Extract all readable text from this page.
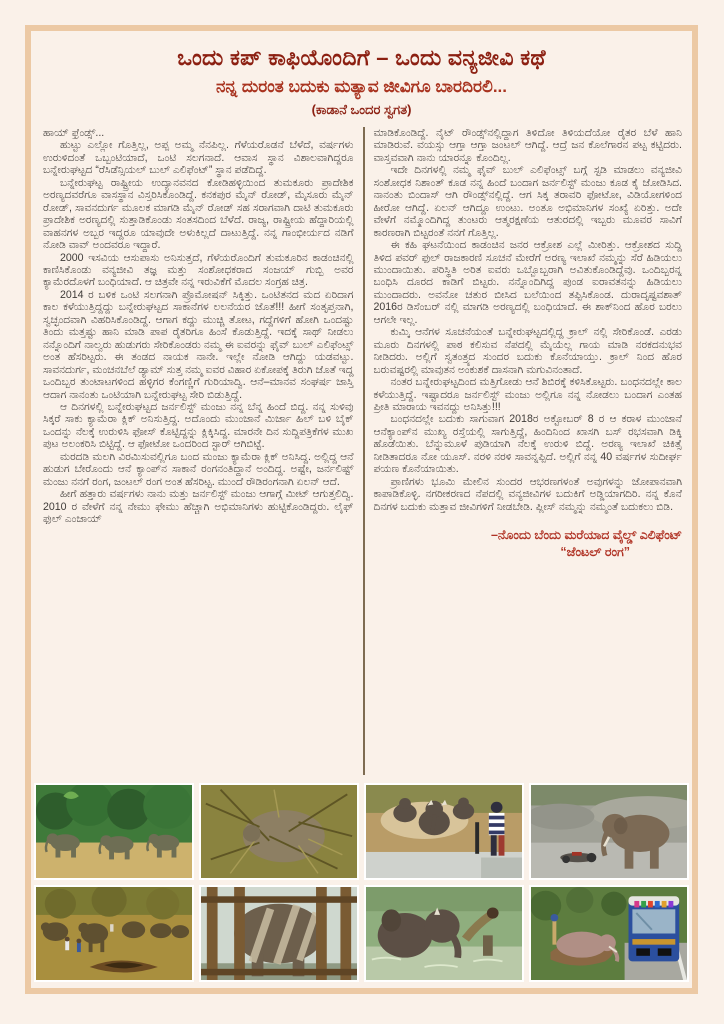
ಒಂದು ಕಪ್ ಕಾಫಿಯೊಂದಿಗೆ – ಒಂದು ವನ್ಯಜೀವಿ ಕಥೆ
ನನ್ನ ದುರಂತ ಬದುಕು ಮತ್ಯಾವ ಜೀವಿಗೂ ಬಾರದಿರಲಿ...
(ಕಾಡಾನೆ ಒಂದರ ಸ್ವಗತ)

ಹಾಯ್ ಫ್ರೆಂಡ್ಸ್...

ಹುಟ್ಟು ಎಲ್ಲೋ ಗೊತ್ತಿಲ್ಲ, ಅಪ್ಪ ಅಮ್ಮ ನೆನಪಿಲ್ಲ. ಗೆಳೆಯರೊಡನೆ ಬೆಳೆದೆ, ವರ್ಷಗಳು ಉರುಳಿದಂತೆ ಒಬ್ಬಂಟಿಯಾದೆ, ಒಂಟಿ ಸಲಗನಾದೆ. ಆವಾಸ ಸ್ಥಾನ ವಿಶಾಲವಾಗಿದ್ದರೂ ಬನ್ನೇರುಘಟ್ಟದ “ರೆಸಿಡೆನ್ಸಿಯಲ್ ಬುಲ್ ಎಲಿಫೆಂಟ್” ಸ್ಥಾನ ಪಡೆದಿದ್ದೆ.

ಬನ್ನೇರುಘಟ್ಟ ರಾಷ್ಟ್ರೀಯ ಉದ್ಯಾನವನದ ಕೋಡಿಹಳ್ಳಿಯಿಂದ ತುಮಕೂರು ಪ್ರಾದೇಶಿಕ ಅರಣ್ಯದವರೆಗೂ ವಾಸಸ್ಥಾನ ವಿಸ್ತರಿಸಿಕೊಂಡಿದ್ದೆ. ಕನಕಪುರ ಮೈನ್ ರೋಡ್, ಮೈಸೂರು ಮೈನ್ ರೋಡ್, ಸಾವನದುರ್ಗ ಮೂಲಕ ಮಾಗಡಿ ಮೈನ್ ರೋಡ್ ಸಹ ಸರಾಗವಾಗಿ ದಾಟಿ ತುಮಕೂರು ಪ್ರಾದೇಶಿಕ ಅರಣ್ಯದಲ್ಲಿ ಸುತ್ತಾಡಿಕೊಂಡು ಸಂತಸದಿಂದ ಬೆಳೆದೆ. ರಾಜ್ಯ, ರಾಷ್ಟ್ರೀಯ ಹೆದ್ದಾರಿಯಲ್ಲಿ ವಾಹನಗಳ ಅಬ್ಬರ ಇದ್ದರೂ ಯಾವುದೇ ಅಳುಕಿಲ್ಲದೆ ದಾಟುತ್ತಿದ್ದೆ. ನನ್ನ ಗಾಂಭೀರ್ಯದ ನಡಿಗೆ ನೋಡಿ ವಾವ್ ಅಂದವರೂ ಇದ್ದಾರೆ.

2000 ಇಸವಿಯ ಆಸುಪಾಸು ಅನಿಸುತ್ತದೆ, ಗೆಳೆಯರೊಂದಿಗೆ ತುಮಕೂರಿನ ಕಾಡಂಚಿನಲ್ಲಿ ಕಾಣಿಸಿಕೊಂಡು ವನ್ಯಜೀವಿ ತಜ್ಞ ಮತ್ತು ಸಂಶೋಧಕರಾದ ಸಂಜಯ್ ಗುಬ್ಬಿ ಅವರ ಕ್ಯಾಮೆರದೊಳಗೆ ಬಂಧಿಯಾದೆ. ಆ ಚಿತ್ರವೇ ನನ್ನ ಇರುವಿಕೆಗೆ ಮೊದಲ ಸಂಗ್ರಹ ಚಿತ್ರ.

2014 ರ ಬಳಿಕ ಒಂಟಿ ಸಲಗನಾಗಿ ಪ್ರೊಮೋಷನ್ ಸಿಕ್ಕಿತ್ತು. ಒಂಟಿತನದ ಮದ ಏರಿದಾಗ ಕಾಲ ಕಳೆಯುತ್ತಿದ್ದದ್ದು ಬನ್ನೇರುಘಟ್ಟದ ಸಾಕಾನೆಗಳ ಲಲನೆಯರ ಜೊತೆ!!! ಹೀಗೆ ಸಂತೃಪ್ತನಾಗಿ, ಸ್ವಚ್ಛಂದವಾಗಿ ವಿಹರಿಸಿಕೊಂಡಿದ್ದೆ. ಆಗಾಗ ಕದ್ದು ಮುಚ್ಚಿ ತೋಟ, ಗದ್ದೆಗಳಿಗೆ ಹೋಗಿ ಒಂದಷ್ಟು ತಿಂದು ಮತ್ತಷ್ಟು ಹಾನಿ ಮಾಡಿ ಪಾಪ ರೈತರಿಗೂ ಹಿಂಸೆ ಕೊಡುತ್ತಿದ್ದೆ. ಇದಕ್ಕೆ ಸಾಥ್ ನೀಡಲು ನನ್ನೊಂದಿಗೆ ನಾಲ್ವರು ಹುಡುಗರು ಸೇರಿಕೊಂಡರು ನಮ್ಮ ಈ ಐವರನ್ನು ಫೈವ್ ಬುಲ್ ಎಲಿಫೆಂಟ್ಸ್ ಅಂತ ಹೆಸರಿಟ್ಟರು. ಈ ತಂಡದ ನಾಯಕ ನಾನೇ. ಇಲ್ಲೇ ನೋಡಿ ಆಗಿದ್ದು ಯಡವಟ್ಟು. ಸಾವನದುರ್ಗ, ಮಂಚನಬೆಲೆ ಡ್ಯಾಮ್ ಸುತ್ತ ನಮ್ಮ ಐವರ ವಿಹಾರ ಏಕೋಪಕ್ಕೆ ತಿರುಗಿ ಜೊತೆ ಇದ್ದ ಒಂದಿಬ್ಬರ ತುಂಟಾಟಗಳಿಂದ ಹಳ್ಳಿಗರ ಕೆಂಗಣ್ಣಿಗೆ ಗುರಿಯಾದ್ವಿ. ಆನೆ–ಮಾನವ ಸಂಘರ್ಷ ಜಾಸ್ತಿ ಆದಾಗ ನಾನಂತು ಒಂಟಿಯಾಗಿ ಬನ್ನೇರುಘಟ್ಟ ಸೇರಿ ಬಿಡುತ್ತಿದ್ದೆ.

ಆ ದಿನಗಳಲ್ಲಿ ಬನ್ನೇರುಘಟ್ಟದ ಜರ್ನಲಿಸ್ಟ್ ಮಂಜು ನನ್ನ ಬೆನ್ನ ಹಿಂದೆ ಬಿದ್ದ. ನನ್ನ ಸುಳಿವು ಸಿಕ್ಕರೆ ಸಾಕು ಕ್ಯಾಮೆರಾ ಕ್ಲಿಕ್ ಅನಿಸುತ್ತಿದ್ದ. ಅದೊಂದು ಮುಂಜಾನೆ ಮಿರ್ಜಾ ಹಿಲ್ ಬಳಿ ಬೈಕ್ ಒಂದನ್ನು ನೆಲಕ್ಕೆ ಉರುಳಿಸಿ ಫೋಸ್ ಕೊಟ್ಟಿದ್ದನ್ನು ಕ್ಲಿಕ್ಕಿಸಿದ್ದ. ಮಾರನೇ ದಿನ ಸುದ್ದಿಪತ್ರಿಕೆಗಳ ಮುಖ ಪುಟ ಅಲಂಕರಿಸಿ ಬಿಟ್ಟಿದ್ದೆ. ಆ ಫೋಟೋ ಒಂದರಿಂದ ಸ್ಟಾರ್ ಆಗಿಬಿಟ್ಟೆ.

ಮರದಡಿ ಮಲಗಿ ವಿರಮಿಸುವಲ್ಲಿಗೂ ಬಂದ ಮಂಜು ಕ್ಯಾಮೆರಾ ಕ್ಲಿಕ್ ಅನಿಸಿದ್ದ. ಅಲ್ಲಿದ್ದ ಆನೆ ಹುಡುಗ ಬೇರೊಂದು ಆನೆ ಕ್ಯಾಂಪ್‌ನ ಸಾಕಾನೆ ರಂಗನಂತಿದ್ದಾನೆ ಅಂದಿದ್ದ. ಅಷ್ಟೇ, ಜರ್ನಲಿಷ್ಟ್ ಮಂಜು ನನಗೆ ರಂಗ, ಜಂಟಲ್ ರಂಗ ಅಂತ ಹೆಸರಿಟ್ಟ. ಮುಂದೆ ರೌಡಿರಂಗನಾಗಿ ಏಲನ್ ಆದೆ.

ಹೀಗೆ ಹತ್ತಾರು ವರ್ಷಗಳು ನಾನು ಮತ್ತು ಜರ್ನಲಿಸ್ಟ್ ಮಂಜು ಆಗಾಗ್ಗೆ ಮೀಟ್ ಆಗುತ್ತಲಿದ್ವಿ. 2010 ರ ವೇಳೆಗೆ ನನ್ನ ನೇಮು ಫೇಮು ಹೆಚ್ಚಾಗಿ ಅಭಿಮಾನಿಗಳು ಹುಟ್ಟಿಕೊಂಡಿದ್ದರು. ಲೈಫ್ ಫುಲ್ ಎಂಜಾಯ್

ಮಾಡಿಕೊಂಡಿದ್ದೆ. ನೈಟ್ ರೌಂಡ್ಸ್‌ನಲ್ಲಿದ್ದಾಗ ತಿಳಿದೋ ತಿಳಿಯದೆಯೋ ರೈತರ ಬೆಳೆ ಹಾನಿ ಮಾಡಿರುವೆ. ವಯಸ್ಸು ಆಗ್ತಾ ಆಗ್ತಾ ಜಂಟಲ್ ಆಗಿದ್ದೆ. ಆದ್ರೆ ಜನ ಕೊಲೆಗಾರನ ಪಟ್ಟ ಕಟ್ಟಿದರು. ವಾಸ್ತವವಾಗಿ ನಾನು ಯಾರನ್ನೂ ಕೊಂದಿಲ್ಲ.

ಇದೇ ದಿನಗಳಲ್ಲಿ ನಮ್ಮ ಫೈವ್ ಬುಲ್ ಎಲಿಫೆಂಟ್ಸ್ ಬಗ್ಗೆ ಸ್ಟಡಿ ಮಾಡಲು ವನ್ಯಜೀವಿ ಸಂಶೋಧಕ ನಿಶಾಂತ್ ಕೂಡ ನನ್ನ ಹಿಂದೆ ಬಂದಾಗ ಜರ್ನಲಿಸ್ಟ್ ಮಂಜು ಕೂಡ ಕೈ ಜೋಡಿಸಿದ. ನಾನಂತು ಬಿಂದಾಸ್ ಆಗಿ ರೌಂಡ್ಸ್‌ನಲ್ಲಿದ್ದೆ. ಆಗ ಸಿಕ್ಕ ತರಾವರಿ ಫೋಟೋ, ವಿಡಿಯೋಗಳಿಂದ ಹೀರೋ ಆಗಿದ್ದೆ. ಏಲನ್ ಆಗಿದ್ದೂ ಉಂಟು. ಅಂತೂ ಅಭಿಮಾನಿಗಳ ಸಂಖ್ಯೆ ಏರಿತ್ತು. ಅದೇ ವೇಳೆಗೆ ನಮ್ಮೊಂದಿಗಿದ್ದ ತುಂಟರು ಆತ್ಮರಕ್ಷಣೆಯ ಆತುರದಲ್ಲಿ ಇಬ್ಬರು ಮೂವರ ಸಾವಿಗೆ ಕಾರಣರಾಗಿ ಬಿಟ್ಟರಂತೆ ನನಗೆ ಗೊತ್ತಿಲ್ಲ.

ಈ ಕಹಿ ಘಟನೆಯಿಂದ ಕಾಡಂಚಿನ ಜನರ ಆಕ್ರೋಶ ಎಲ್ಲೆ ಮೀರಿತ್ತು. ಆಕ್ರೋಶದ ಸುದ್ದಿ ತಿಳಿದ ಪವರ್ ಫುಲ್ ರಾಜಕಾರಣಿ ಸೂಚನೆ ಮೇರೆಗೆ ಅರಣ್ಯ ಇಲಾಖೆ ನಮ್ಮನ್ನು ಸೆರೆ ಹಿಡಿಯಲು ಮುಂದಾಯಿತು. ಪರಿಸ್ಥಿತಿ ಅರಿತ ಐವರು ಒಬ್ಬೊಬ್ಬರಾಗಿ ಅವಿತುಕೊಂಡಿದ್ದೆವು. ಒಂದಿಬ್ಬರನ್ನ ಬಂಧಿಸಿ ದೂರದ ಕಾಡಿಗೆ ಬಿಟ್ಟರು. ನನ್ನೊಂದಿಗಿದ್ದ ಪುಂಡ ಐರಾವತನನ್ನು ಹಿಡಿಯಲು ಮುಂದಾದರು. ಅವನೋ ಚತುರ ಬೀಸಿದ ಬಲೆಯಿಂದ ತಪ್ಪಿಸಿಕೊಂಡ. ದುರಾದೃಷ್ಟವಶಾತ್ 2016ರ ಡಿಸೆಂಬರ್ ನಲ್ಲಿ ಮಾಗಡಿ ಅರಣ್ಯದಲ್ಲಿ ಬಂಧಿಯಾದೆ. ಈ ಶಾಕ್‌ನಿಂದ ಹೊರ ಬರಲು ಆಗಲೇ ಇಲ್ಲ.

ಕುಮ್ಕಿ ಆನೆಗಳ ಸೂಚನೆಯಂತೆ ಬನ್ನೇರುಘಟ್ಟದಲ್ಲಿದ್ದ ಕ್ರಾಲ್ ನಲ್ಲಿ ಸೇರಿಕೊಂಡೆ. ಎರಡು ಮೂರು ದಿನಗಳಲ್ಲಿ ಪಾಠ ಕಲಿಸುವ ನೆಪದಲ್ಲಿ ಮೈಯೆಲ್ಲ ಗಾಯ ಮಾಡಿ ನರಕದನುಭವ ನೀಡಿದರು. ಅಲ್ಲಿಗೆ ಸ್ವತಂತ್ರ್ಯದ ಸುಂದರ ಬದುಕು ಕೊನೆಯಾಯ್ತು. ಕ್ರಾಲ್ ನಿಂದ ಹೊರ ಬರುವಷ್ಟರಲ್ಲಿ ಮಾವುತನ ಅಂಕುಶಕೆ ದಾಸನಾಗಿ ಮಗುವಿನಂತಾದೆ.

ನಂತರ ಬನ್ನೇರುಘಟ್ಟದಿಂದ ಮತ್ತಿಗೋಡು ಆನೆ ಶಿಬಿರಕ್ಕೆ ಕಳಿಸಿಕೊಟ್ಟರು. ಬಂಧನದಲ್ಲೇ ಕಾಲ ಕಳೆಯುತ್ತಿದ್ದೆ. ಇಷ್ಟಾದರೂ ಜರ್ನಲಿಸ್ಟ್ ಮಂಜು ಅಲ್ಲಿಗೂ ನನ್ನ ನೋಡಲು ಬಂದಾಗ ಎಂತಹ ಪ್ರೀತಿ ಮಾರಾಯ ಇವನದ್ದು ಅನಿಸಿತ್ತು!!!

ಬಂಧನದಲ್ಲೇ ಬದುಕು ಸಾಗುವಾಗ 2018ರ ಅಕ್ಟೋಬರ್ 8 ರ ಆ ಕರಾಳ ಮುಂಜಾನೆ ಆನೆಕ್ಯಾಂಪ್‌ನ ಮುಖ್ಯ ರಸ್ತೆಯಲ್ಲಿ ಸಾಗುತ್ತಿದ್ದೆ, ಹಿಂದಿನಿಂದ ಖಾಸಗಿ ಬಸ್ ರಭಸವಾಗಿ ಡಿಕ್ಕಿ ಹೊಡೆಯಿತು. ಬೆನ್ನುಮೂಳೆ ಪುಡಿಯಾಗಿ ನೆಲಕ್ಕೆ ಉರುಳಿ ಬಿದ್ದೆ. ಅರಣ್ಯ ಇಲಾಖೆ ಚಿಕಿತ್ಸೆ ನೀಡಿತಾದರೂ ನೋ ಯೂಸ್. ನರಳಿ ನರಳಿ ಸಾವನ್ನಪ್ಪಿದೆ. ಅಲ್ಲಿಗೆ ನನ್ನ 40 ವರ್ಷಗಳ ಸುದೀರ್ಘ ಪಯಣ ಕೊನೆಯಾಯಿತು.

ಪ್ರಾಣಿಗಳು ಭೂಮಿ ಮೇಲಿನ ಸುಂದರ ಆಭರಣಗಳಂತೆ ಅವುಗಳನ್ನು ಜೋಪಾನವಾಗಿ ಕಾಪಾಡಿಕೊಳ್ಳಿ. ನಗರೀಕರಣದ ನೆಪದಲ್ಲಿ ವನ್ಯಜೀವಿಗಳ ಬದುಕಿಗೆ ಅಡ್ಡಿಯಾಗದಿರಿ. ನನ್ನ ಕೊನೆ ದಿನಗಳ ಬದುಕು ಮತ್ತಾವ ಜೀವಿಗಳಿಗೆ ನೀಡಬೇಡಿ. ಪ್ಲೀಸ್ ನಮ್ಮನ್ನು ನಮ್ಮಂತೆ ಬದುಕಲು ಬಿಡಿ.

–ನೊಂದು ಬೆಂದು ಮರೆಯಾದ ವೈಲ್ಡ್ ಎಲಿಫೆಂಟ್
“ಜೆಂಟಲ್ ರಂಗ”
